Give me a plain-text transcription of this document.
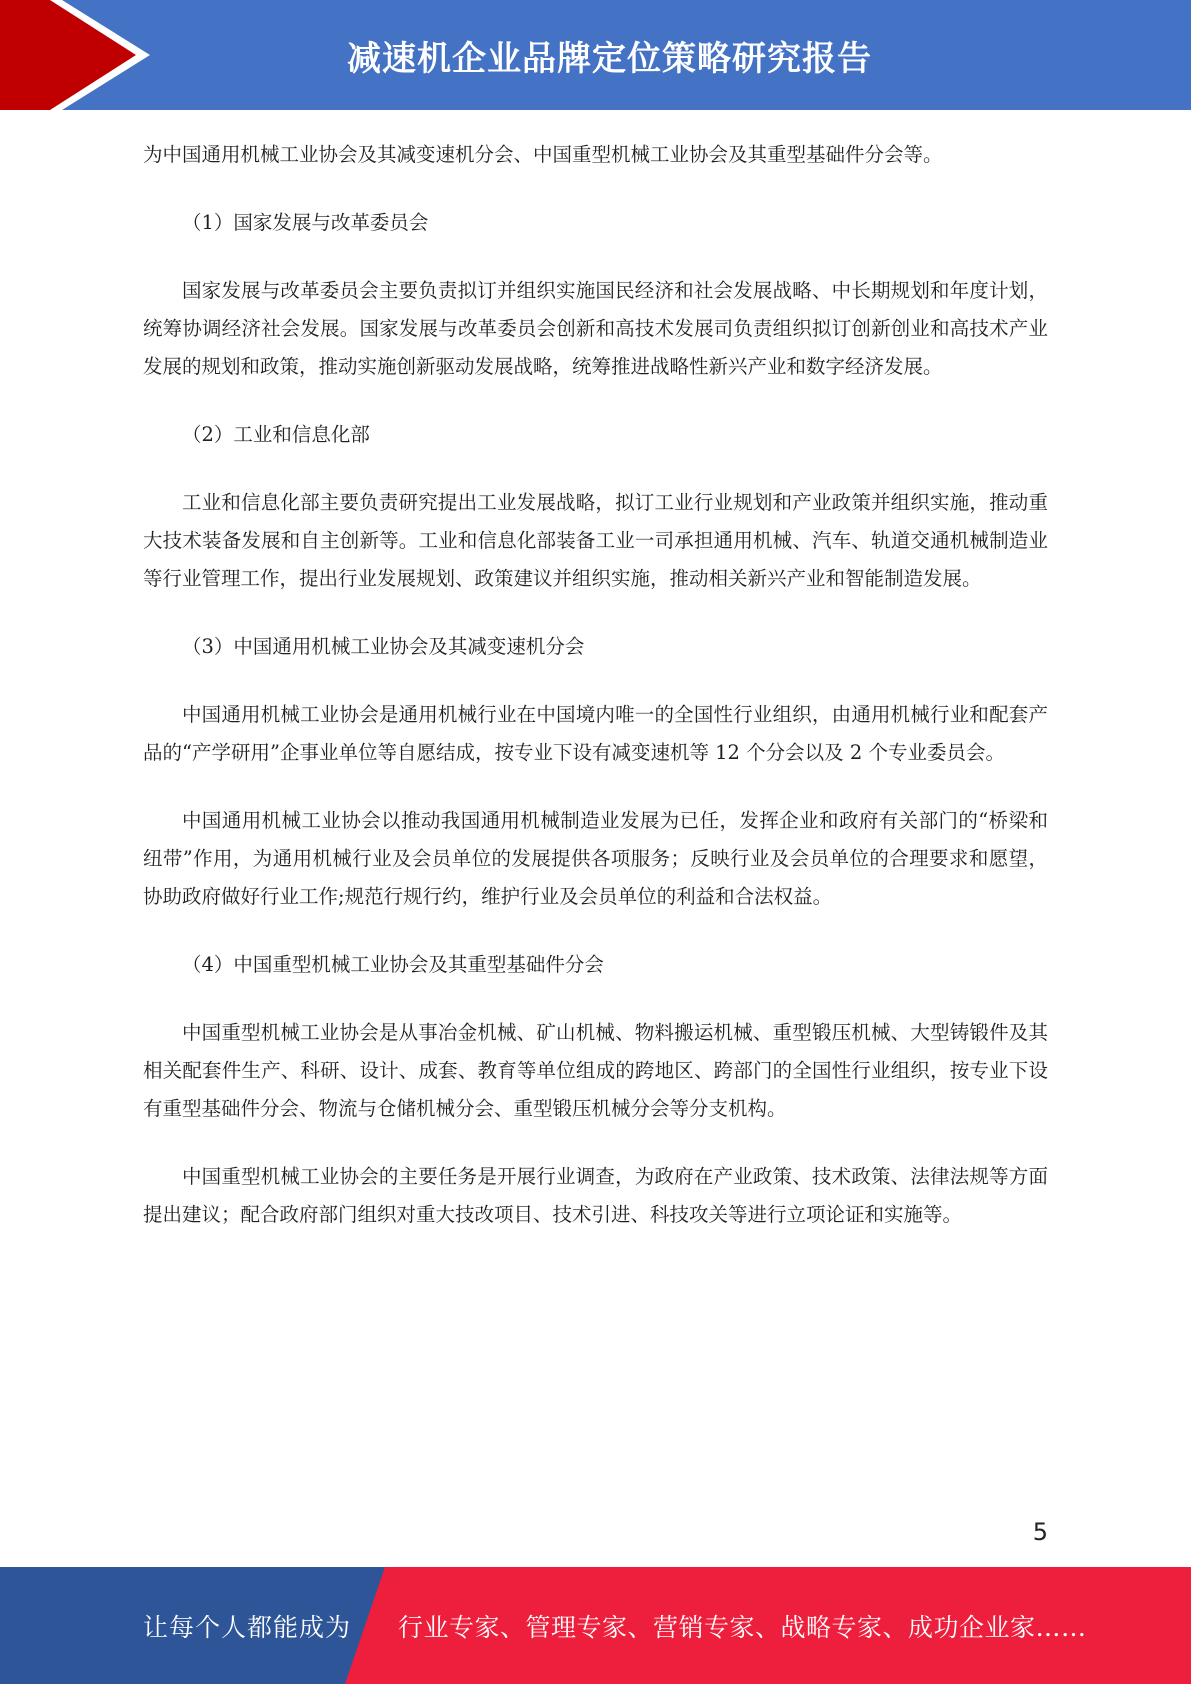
减速机企业品牌定位策略研究报告

为中国通用机械工业协会及其减变速机分会、中国重型机械工业协会及其重型基础件分会等。

（1）国家发展与改革委员会

国家发展与改革委员会主要负责拟订并组织实施国民经济和社会发展战略、中长期规划和年度计划，统筹协调经济社会发展。国家发展与改革委员会创新和高技术发展司负责组织拟订创新创业和高技术产业发展的规划和政策，推动实施创新驱动发展战略，统筹推进战略性新兴产业和数字经济发展。

（2）工业和信息化部

工业和信息化部主要负责研究提出工业发展战略，拟订工业行业规划和产业政策并组织实施，推动重大技术装备发展和自主创新等。工业和信息化部装备工业一司承担通用机械、汽车、轨道交通机械制造业等行业管理工作，提出行业发展规划、政策建议并组织实施，推动相关新兴产业和智能制造发展。

（3）中国通用机械工业协会及其减变速机分会

中国通用机械工业协会是通用机械行业在中国境内唯一的全国性行业组织，由通用机械行业和配套产品的“产学研用”企事业单位等自愿结成，按专业下设有减变速机等 12 个分会以及 2 个专业委员会。

中国通用机械工业协会以推动我国通用机械制造业发展为已任，发挥企业和政府有关部门的“桥梁和纽带”作用，为通用机械行业及会员单位的发展提供各项服务；反映行业及会员单位的合理要求和愿望，协助政府做好行业工作;规范行规行约，维护行业及会员单位的利益和合法权益。

（4）中国重型机械工业协会及其重型基础件分会

中国重型机械工业协会是从事冶金机械、矿山机械、物料搬运机械、重型锻压机械、大型铸锻件及其相关配套件生产、科研、设计、成套、教育等单位组成的跨地区、跨部门的全国性行业组织，按专业下设有重型基础件分会、物流与仓储机械分会、重型锻压机械分会等分支机构。

中国重型机械工业协会的主要任务是开展行业调查，为政府在产业政策、技术政策、法律法规等方面提出建议；配合政府部门组织对重大技改项目、技术引进、科技攻关等进行立项论证和实施等。

5
让每个人都能成为 行业专家、管理专家、营销专家、战略专家、成功企业家……
